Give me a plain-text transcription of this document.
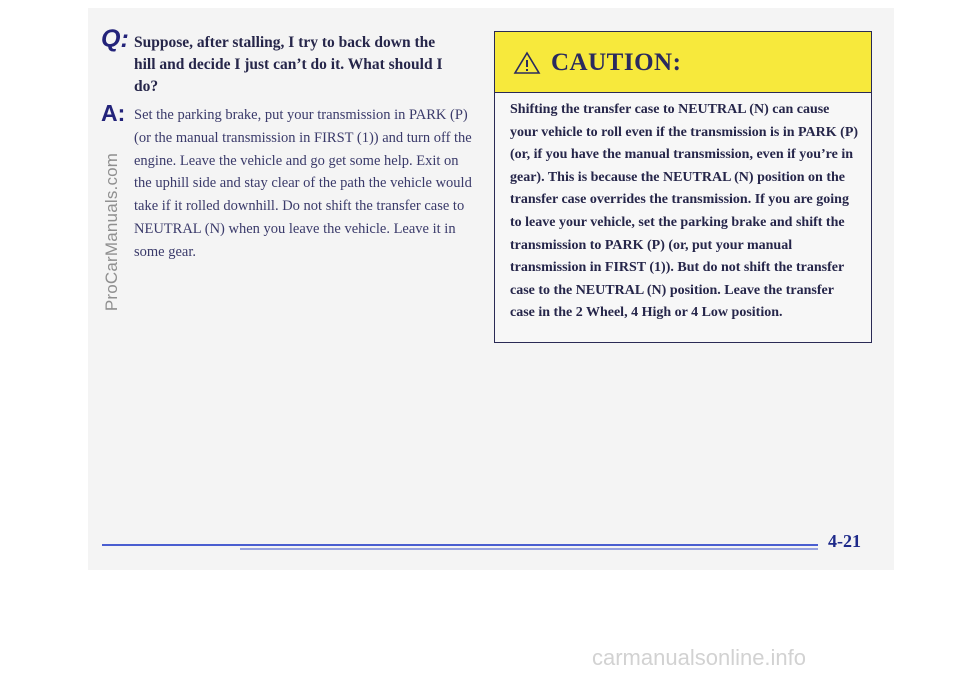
ProCarManuals.com
Q: Suppose, after stalling, I try to back down the hill and decide I just can’t do it. What should I do?
A: Set the parking brake, put your transmission in PARK (P) (or the manual transmission in FIRST (1)) and turn off the engine. Leave the vehicle and go get some help. Exit on the uphill side and stay clear of the path the vehicle would take if it rolled downhill. Do not shift the transfer case to NEUTRAL (N) when you leave the vehicle. Leave it in some gear.
CAUTION:
Shifting the transfer case to NEUTRAL (N) can cause your vehicle to roll even if the transmission is in PARK (P) (or, if you have the manual transmission, even if you’re in gear). This is because the NEUTRAL (N) position on the transfer case overrides the transmission. If you are going to leave your vehicle, set the parking brake and shift the transmission to PARK (P) (or, put your manual transmission in FIRST (1)). But do not shift the transfer case to the NEUTRAL (N) position. Leave the transfer case in the 2 Wheel, 4 High or 4 Low position.
4-21
carmanualsonline.info
